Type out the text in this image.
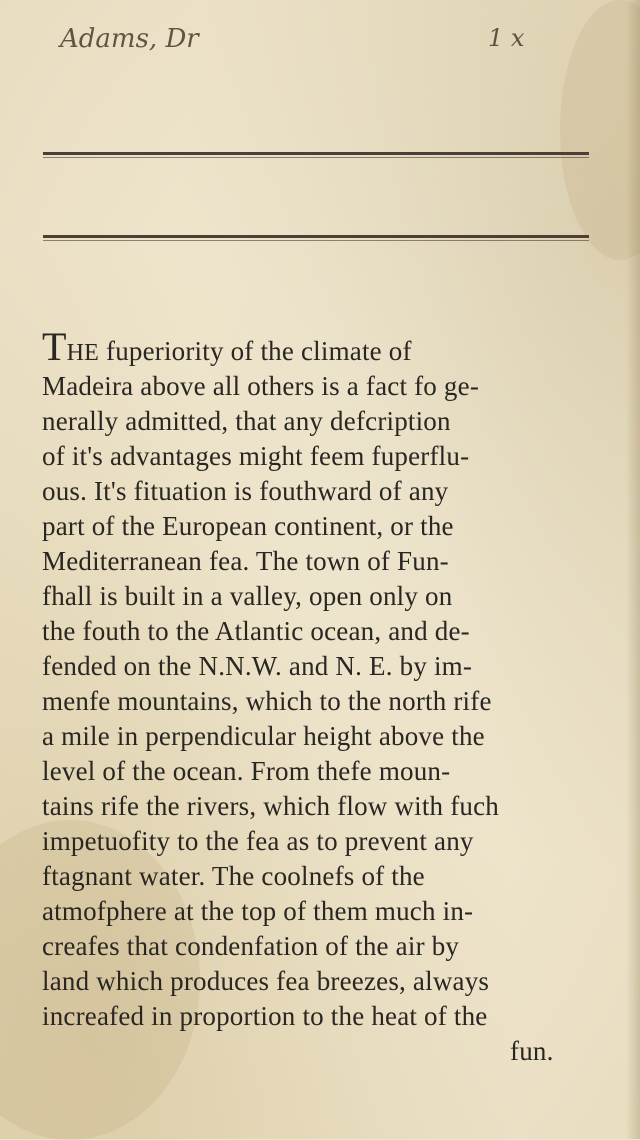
Adams, Dr	1 x
THE fuperiority of the climate of
Madeira above all others is a fact fo ge-
nerally admitted, that any defcription
of it's advantages might feem fuperflu-
ous. It's fituation is fouthward of any
part of the European continent, or the
Mediterranean fea. The town of Fun-
fhall is built in a valley, open only on
the fouth to the Atlantic ocean, and de-
fended on the N.N.W. and N. E. by im-
menfe mountains, which to the north rife
a mile in perpendicular height above the
level of the ocean. From thefe moun-
tains rife the rivers, which flow with fuch
impetuofity to the fea as to prevent any
ftagnant water. The coolnefs of the
atmofphere at the top of them much in-
creafes that condenfation of the air by
land which produces fea breezes, always
increafed in proportion to the heat of the
fun.
